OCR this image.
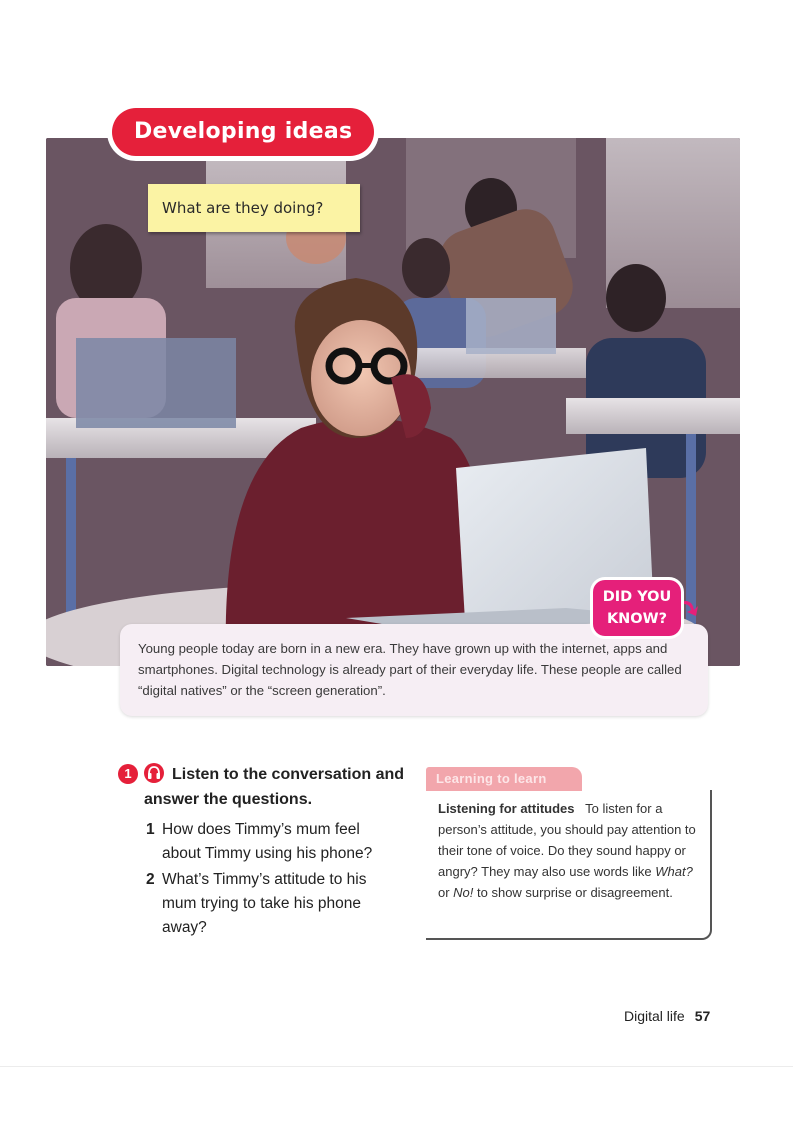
Developing ideas
What are they doing?
Young people today are born in a new era. They have grown up with the internet, apps and smartphones. Digital technology is already part of their everyday life. These people are called “digital natives” or the “screen generation”.
DID YOU
KNOW?
1	Listen to the conversation and answer the questions.
1 How does Timmy’s mum feel about Timmy using his phone?
2 What’s Timmy’s attitude to his mum trying to take his phone away?
Learning to learn
Listening for attitudes To listen for a person’s attitude, you should pay attention to their tone of voice. Do they sound happy or angry? They may also use words like What? or No! to show surprise or disagreement.
Digital life 57
